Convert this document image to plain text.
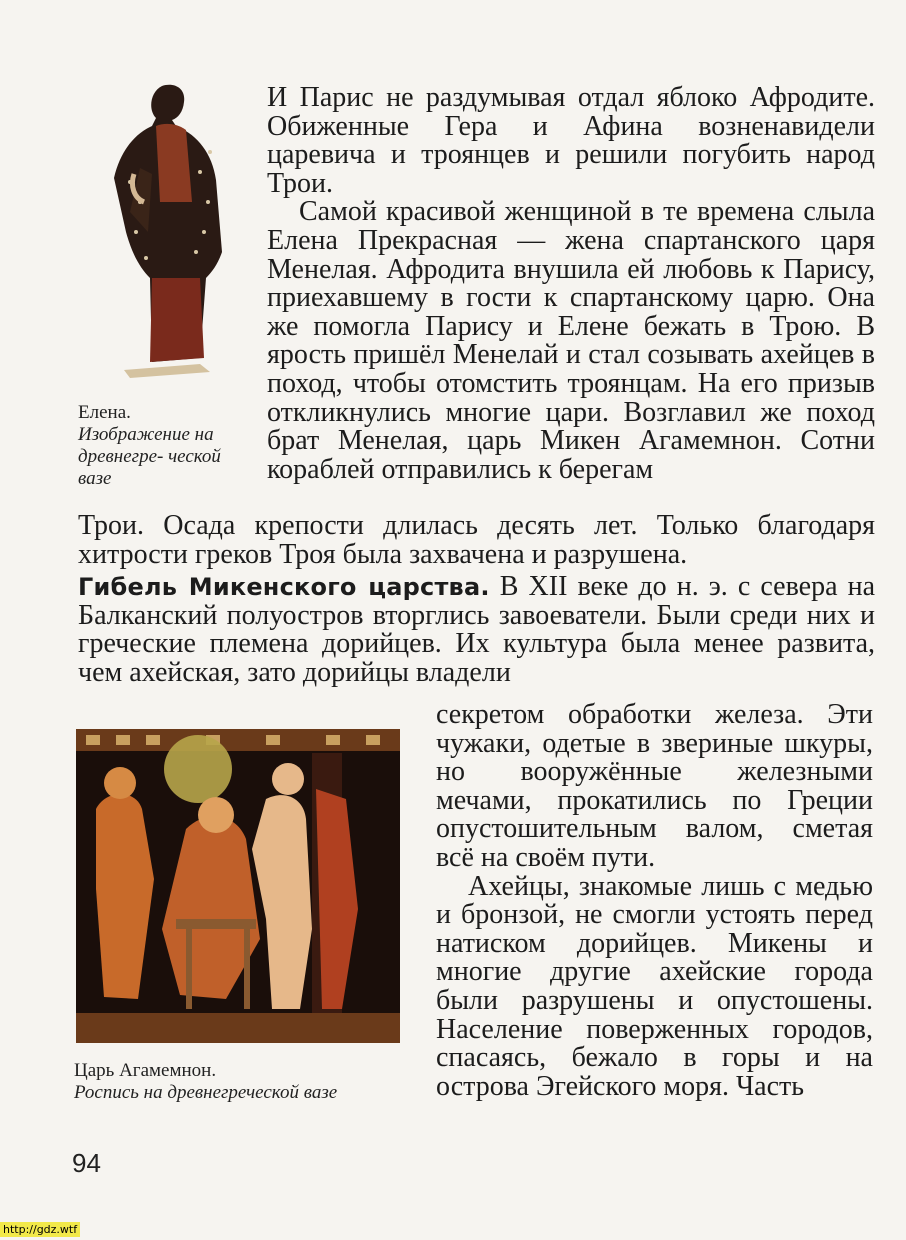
Елена.
Изображение на древнегре- ческой вазе

И Парис не раздумывая отдал яблоко Афродите. Обиженные Гера и Афина возненавидели царевича и троянцев и решили погубить народ Трои.

Самой красивой женщиной в те времена слыла Елена Прекрасная — жена спартанского царя Менелая. Афродита внушила ей любовь к Парису, приехавшему в гости к спартанскому царю. Она же помогла Парису и Елене бежать в Трою. В ярость пришёл Менелай и стал созывать ахейцев в поход, чтобы отомстить троянцам. На его призыв откликнулись многие цари. Возглавил же поход брат Менелая, царь Микен Агамемнон. Сотни кораблей отправились к берегам

Трои. Осада крепости длилась десять лет. Только благодаря хитрости греков Троя была захвачена и разрушена.

Гибель Микенского царства. В XII веке до н. э. с севера на Балканский полуостров вторглись завоеватели. Были среди них и греческие племена дорийцев. Их культура была менее развита, чем ахейская, зато дорийцы владели

Царь Агамемнон.
Роспись на древнегреческой вазе

секретом обработки железа. Эти чужаки, одетые в звериные шкуры, но вооружённые железными мечами, прокатились по Греции опустошительным валом, сметая всё на своём пути.

Ахейцы, знакомые лишь с медью и бронзой, не смогли устоять перед натиском дорийцев. Микены и многие другие ахейские города были разрушены и опустошены. Население поверженных городов, спасаясь, бежало в горы и на острова Эгейского моря. Часть

94
http://gdz.wtf
